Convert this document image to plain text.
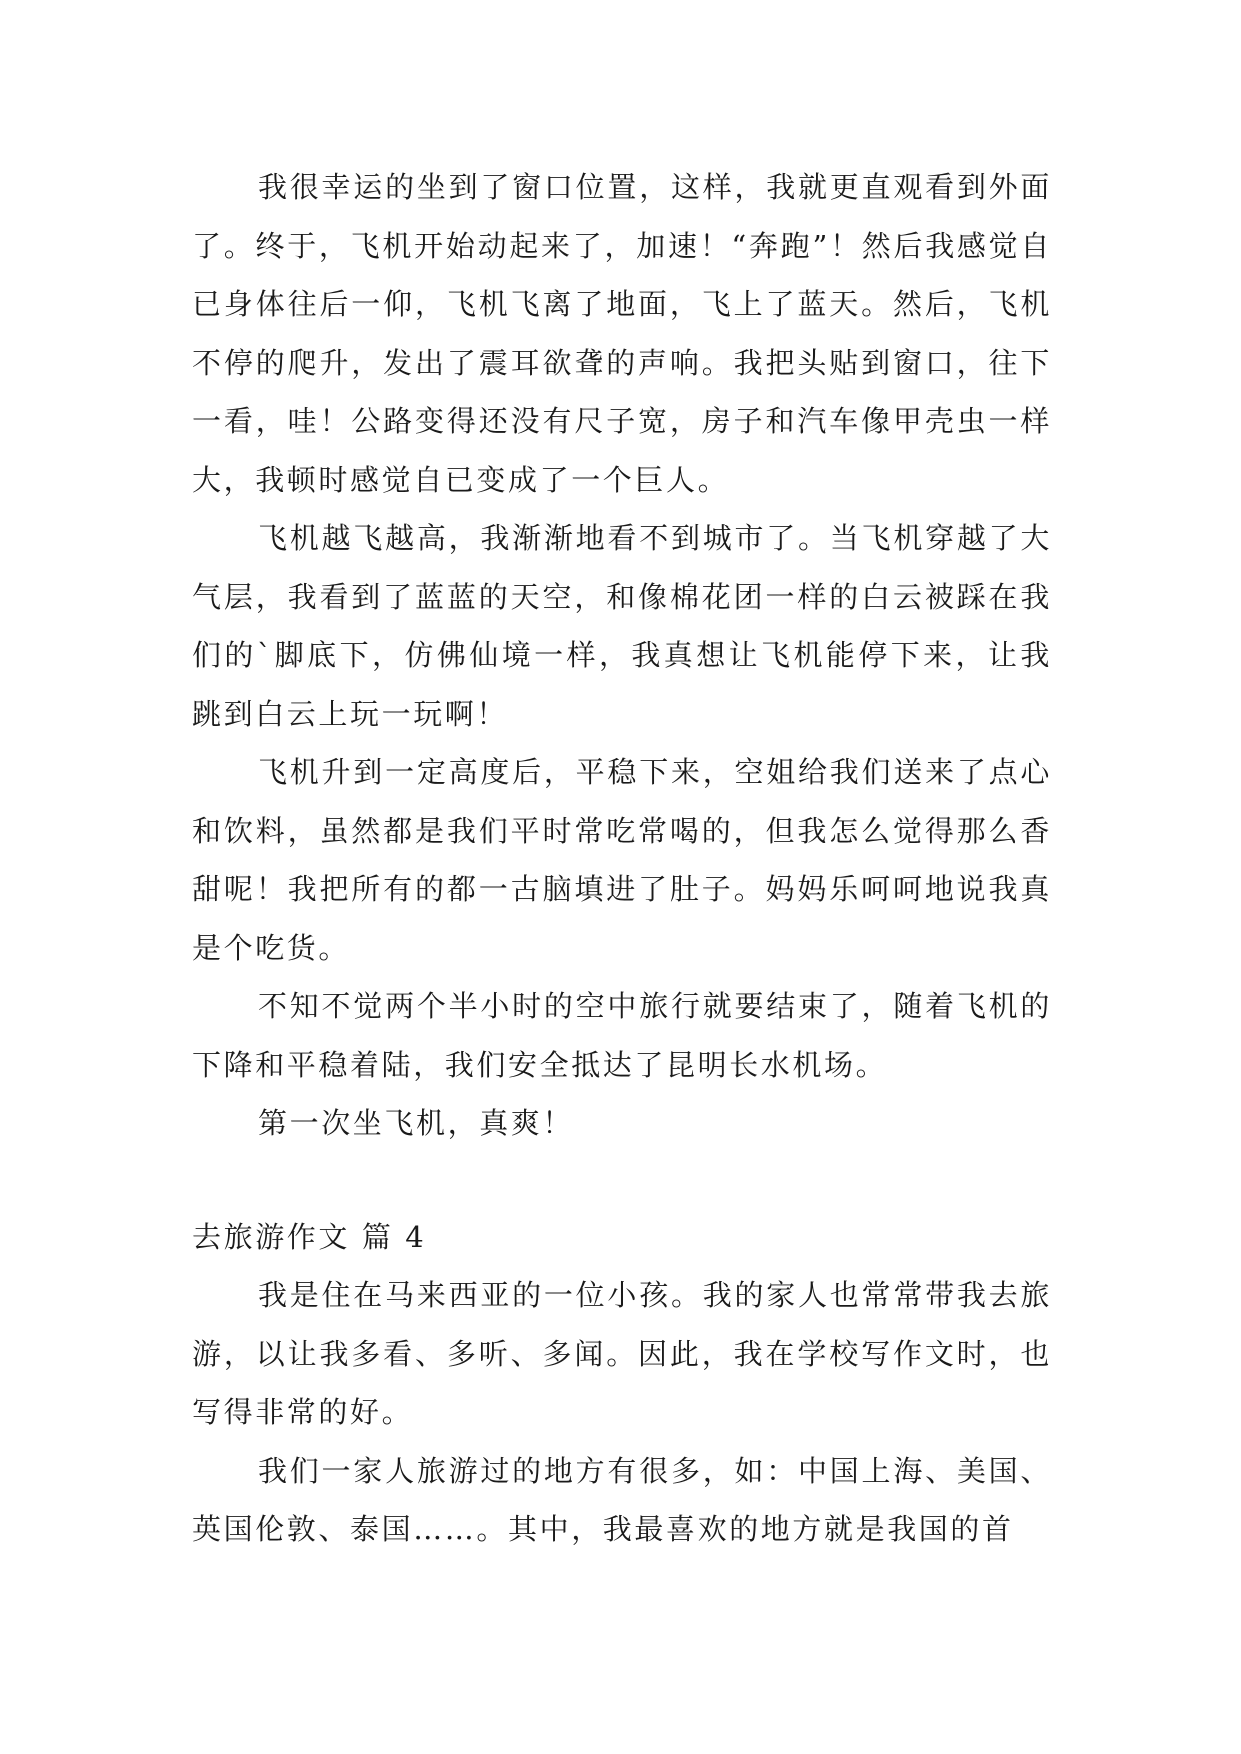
我很幸运的坐到了窗口位置，这样，我就更直观看到外面了。终于，飞机开始动起来了，加速！“奔跑”！然后我感觉自已身体往后一仰，飞机飞离了地面，飞上了蓝天。然后，飞机不停的爬升，发出了震耳欲聋的声响。我把头贴到窗口，往下一看，哇！公路变得还没有尺子宽，房子和汽车像甲壳虫一样大，我顿时感觉自已变成了一个巨人。

飞机越飞越高，我渐渐地看不到城市了。当飞机穿越了大气层，我看到了蓝蓝的天空，和像棉花团一样的白云被踩在我们的`脚底下，仿佛仙境一样，我真想让飞机能停下来，让我跳到白云上玩一玩啊！

飞机升到一定高度后，平稳下来，空姐给我们送来了点心和饮料，虽然都是我们平时常吃常喝的，但我怎么觉得那么香甜呢！我把所有的都一古脑填进了肚子。妈妈乐呵呵地说我真是个吃货。

不知不觉两个半小时的空中旅行就要结束了，随着飞机的下降和平稳着陆，我们安全抵达了昆明长水机场。

第一次坐飞机，真爽！

去旅游作文 篇 4

我是住在马来西亚的一位小孩。我的家人也常常带我去旅游，以让我多看、多听、多闻。因此，我在学校写作文时，也写得非常的好。

我们一家人旅游过的地方有很多，如：中国上海、美国、英国伦敦、泰国……。其中，我最喜欢的地方就是我国的首
